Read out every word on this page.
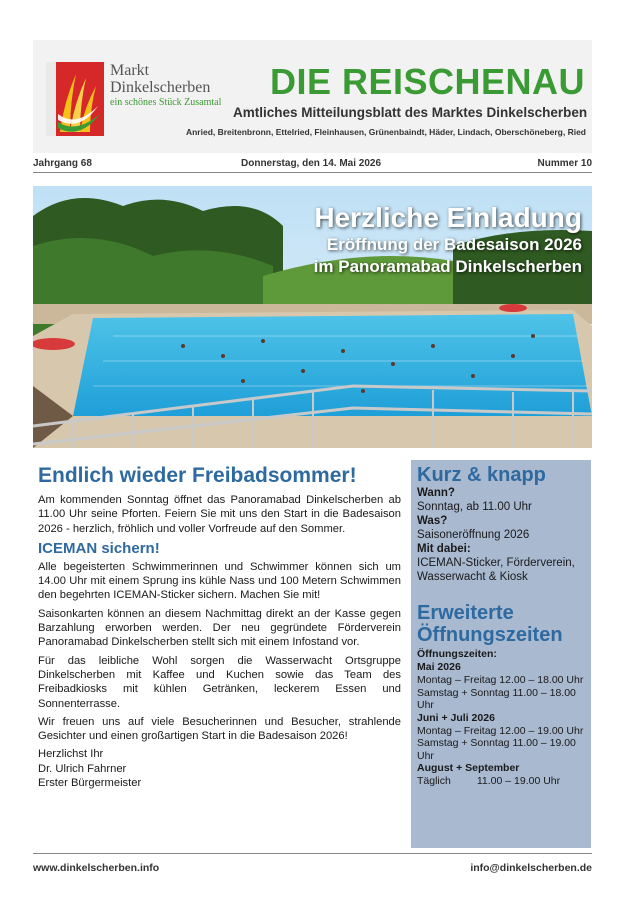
Markt
Dinkelscherben
ein schönes Stück Zusamtal
DIE REISCHENAU
Amtliches Mitteilungsblatt des Marktes Dinkelscherben
Anried, Breitenbronn, Ettelried, Fleinhausen, Grünenbaindt, Häder, Lindach, Oberschöneberg, Ried
Jahrgang 68	Donnerstag, den 14. Mai 2026	Nummer 10
Herzliche Einladung
Eröffnung der Badesaison 2026
im Panoramabad Dinkelscherben
Endlich wieder Freibadsommer!

Am kommenden Sonntag öffnet das Panoramabad Dinkelscherben ab 11.00 Uhr seine Pforten. Feiern Sie mit uns den Start in die Badesaison 2026 - herzlich, fröhlich und voller Vorfreude auf den Sommer.

ICEMAN sichern!

Alle begeisterten Schwimmerinnen und Schwimmer können sich um 14.00 Uhr mit einem Sprung ins kühle Nass und 100 Metern Schwimmen den begehrten ICEMAN-Sticker sichern. Machen Sie mit!

Saisonkarten können an diesem Nachmittag direkt an der Kasse gegen Barzahlung erworben werden. Der neu gegründete Förderverein Panoramabad Dinkelscherben stellt sich mit einem Infostand vor.

Für das leibliche Wohl sorgen die Wasserwacht Ortsgruppe Dinkelscherben mit Kaffee und Kuchen sowie das Team des Freibadkiosks mit kühlen Getränken, leckerem Essen und Sonnenterrasse.

Wir freuen uns auf viele Besucherinnen und Besucher, strahlende Gesichter und einen großartigen Start in die Badesaison 2026!

Herzlichst Ihr
Dr. Ulrich Fahrner
Erster Bürgermeister
Kurz & knapp
Wann?
Sonntag, ab 11.00 Uhr
Was?
Saisoneröffnung 2026
Mit dabei:
ICEMAN-Sticker, Förderverein, Wasserwacht & Kiosk
Erweiterte
Öffnungszeiten
Öffnungszeiten:
Mai 2026
Montag – Freitag 12.00 – 18.00 Uhr
Samstag + Sonntag 11.00 – 18.00 Uhr
Juni + Juli 2026
Montag – Freitag 12.00 – 19.00 Uhr
Samstag + Sonntag 11.00 – 19.00 Uhr
August + September
Täglich 11.00 – 19.00 Uhr
www.dinkelscherben.info	info@dinkelscherben.de
